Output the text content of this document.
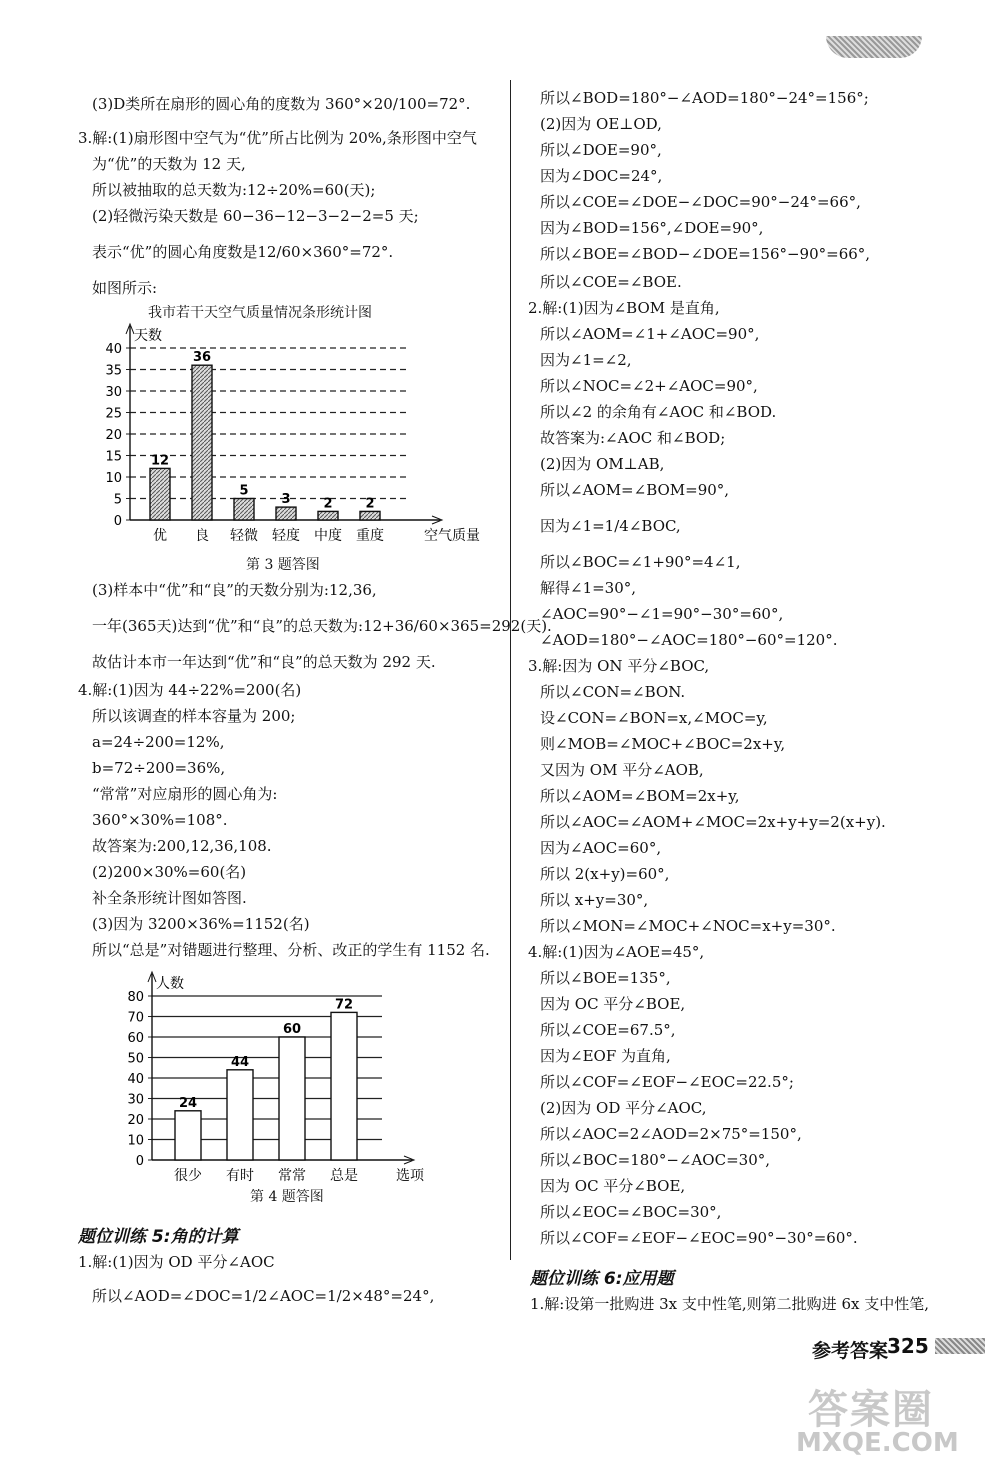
(3)D类所在扇形的圆心角的度数为 360°×20/100=72°.
3.解:(1)扇形图中空气为“优”所占比例为 20%,条形图中空气
为“优”的天数为 12 天,
所以被抽取的总天数为:12÷20%=60(天);
(2)轻微污染天数是 60−36−12−3−2−2=5 天;
表示“优”的圆心角度数是12/60×360°=72°.
如图所示:
我市若干天空气质量情况条形统计图
0
5
10
15
20
25
30
35
40
天数
空气质量
12
优
36
良
5
轻微
3
轻度
2
中度
2
重度
第 3 题答图
(3)样本中“优”和“良”的天数分别为:12,36,
一年(365天)达到“优”和“良”的总天数为:12+36/60×365=292(天).
故估计本市一年达到“优”和“良”的总天数为 292 天.
4.解:(1)因为 44÷22%=200(名)
所以该调查的样本容量为 200;
a=24÷200=12%,
b=72÷200=36%,
“常常”对应扇形的圆心角为:
360°×30%=108°.
故答案为:200,12,36,108.
(2)200×30%=60(名)
补全条形统计图如答图.
(3)因为 3200×36%=1152(名)
所以“总是”对错题进行整理、分析、改正的学生有 1152 名.
0
10
20
30
40
50
60
70
80
人数
选项
24
很少
44
有时
60
常常
72
总是
第 4 题答图
题位训练 5:角的计算
1.解:(1)因为 OD 平分∠AOC
所以∠AOD=∠DOC=1/2∠AOC=1/2×48°=24°,
所以∠BOD=180°−∠AOD=180°−24°=156°;
(2)因为 OE⊥OD,
所以∠DOE=90°,
因为∠DOC=24°,
所以∠COE=∠DOE−∠DOC=90°−24°=66°,
因为∠BOD=156°,∠DOE=90°,
所以∠BOE=∠BOD−∠DOE=156°−90°=66°,
所以∠COE=∠BOE.
2.解:(1)因为∠BOM 是直角,
所以∠AOM=∠1+∠AOC=90°,
因为∠1=∠2,
所以∠NOC=∠2+∠AOC=90°,
所以∠2 的余角有∠AOC 和∠BOD.
故答案为:∠AOC 和∠BOD;
(2)因为 OM⊥AB,
所以∠AOM=∠BOM=90°,
因为∠1=1/4∠BOC,
所以∠BOC=∠1+90°=4∠1,
解得∠1=30°,
∠AOC=90°−∠1=90°−30°=60°,
∠AOD=180°−∠AOC=180°−60°=120°.
3.解:因为 ON 平分∠BOC,
所以∠CON=∠BON.
设∠CON=∠BON=x,∠MOC=y,
则∠MOB=∠MOC+∠BOC=2x+y,
又因为 OM 平分∠AOB,
所以∠AOM=∠BOM=2x+y,
所以∠AOC=∠AOM+∠MOC=2x+y+y=2(x+y).
因为∠AOC=60°,
所以 2(x+y)=60°,
所以 x+y=30°,
所以∠MON=∠MOC+∠NOC=x+y=30°.
4.解:(1)因为∠AOE=45°,
所以∠BOE=135°,
因为 OC 平分∠BOE,
所以∠COE=67.5°,
因为∠EOF 为直角,
所以∠COF=∠EOF−∠EOC=22.5°;
(2)因为 OD 平分∠AOC,
所以∠AOC=2∠AOD=2×75°=150°,
所以∠BOC=180°−∠AOC=30°,
因为 OC 平分∠BOE,
所以∠EOC=∠BOC=30°,
所以∠COF=∠EOF−∠EOC=90°−30°=60°.
题位训练 6:应用题
1.解:设第一批购进 3x 支中性笔,则第二批购进 6x 支中性笔,
参考答案
325
答案圈
MXQE.COM
